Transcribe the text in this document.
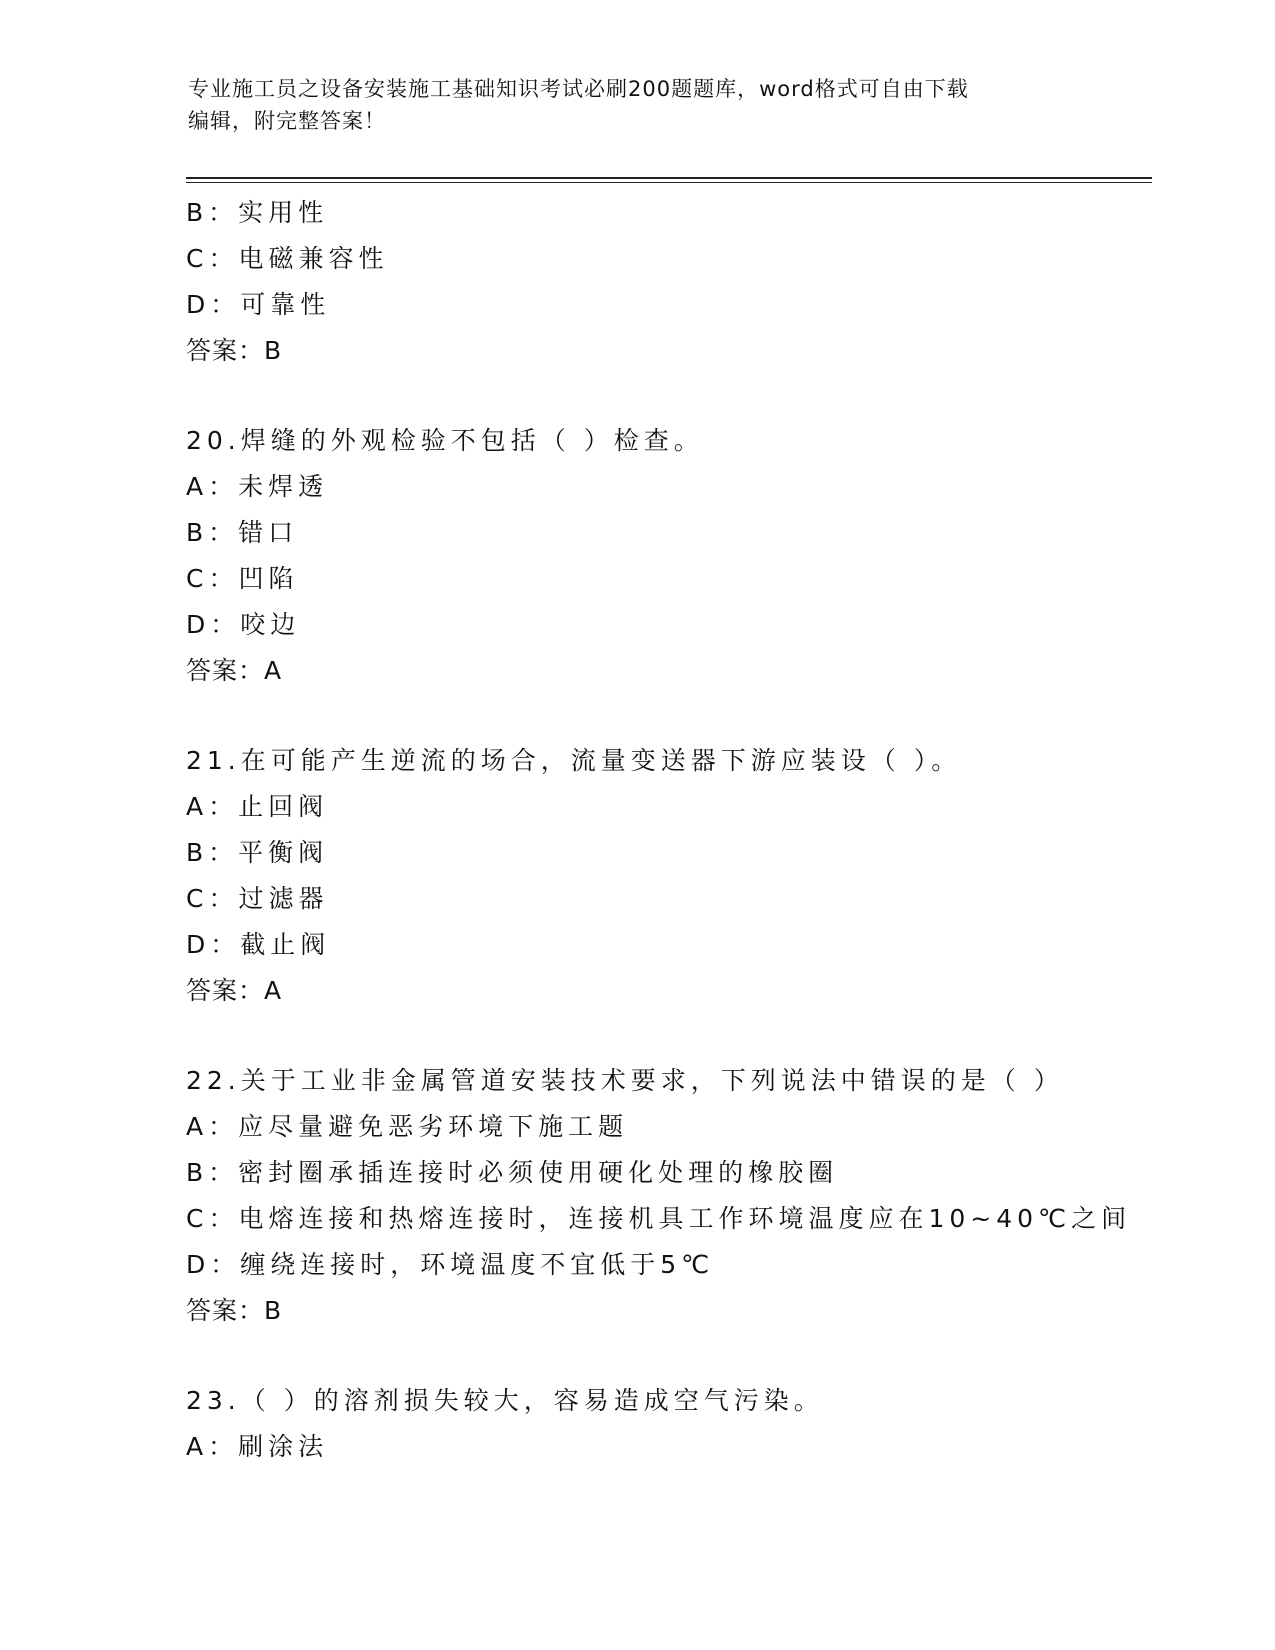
专业施工员之设备安装施工基础知识考试必刷200题题库，word格式可自由下载
编辑，附完整答案！
B：实用性
C：电磁兼容性
D：可靠性
答案：B
20.焊缝的外观检验不包括（ ）检查。
A：未焊透
B：错口
C：凹陷
D：咬边
答案：A
21.在可能产生逆流的场合，流量变送器下游应装设（ ）。
A：止回阀
B：平衡阀
C：过滤器
D：截止阀
答案：A
22.关于工业非金属管道安装技术要求，下列说法中错误的是（ ）
A：应尽量避免恶劣环境下施工题
B：密封圈承插连接时必须使用硬化处理的橡胶圈
C：电熔连接和热熔连接时，连接机具工作环境温度应在10~40℃之间
D：缠绕连接时，环境温度不宜低于5℃
答案：B
23.（ ）的溶剂损失较大，容易造成空气污染。
A：刷涂法
